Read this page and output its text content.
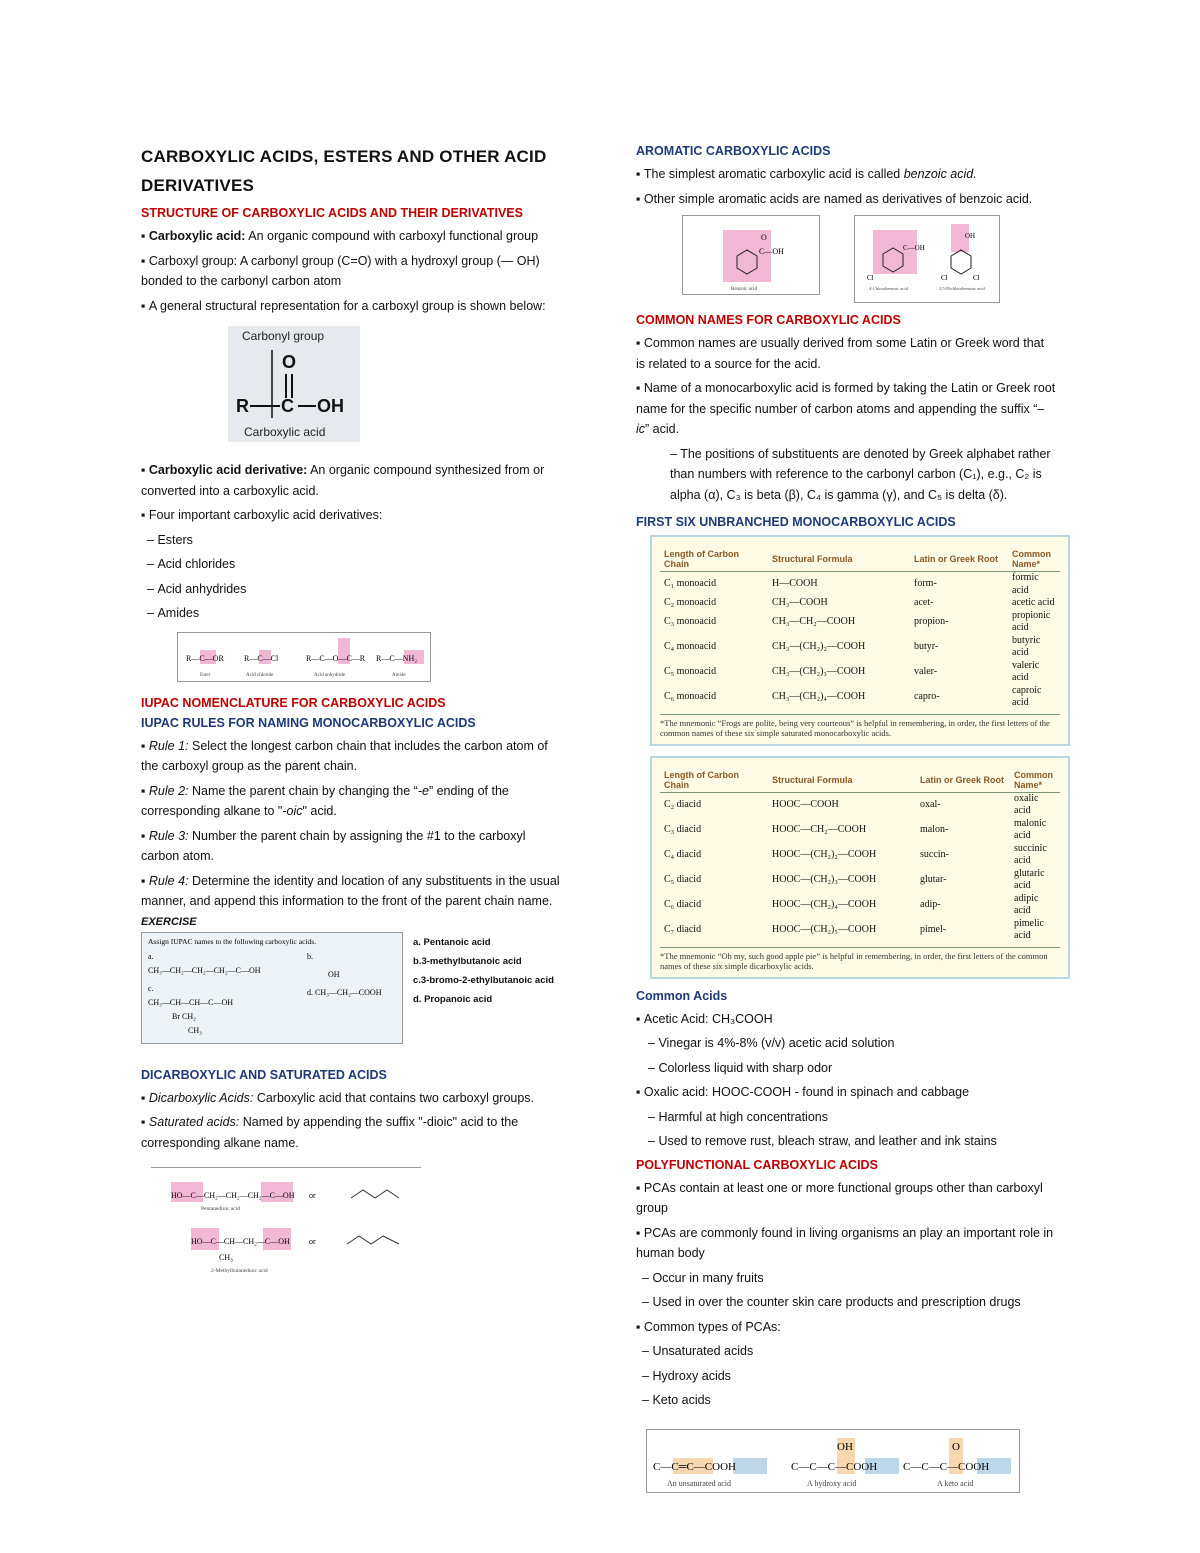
CARBOXYLIC ACIDS, ESTERS AND OTHER ACID DERIVATIVES
STRUCTURE OF CARBOXYLIC ACIDS AND THEIR DERIVATIVES

▪ Carboxylic acid: An organic compound with carboxyl functional group

▪ Carboxyl group: A carbonyl group (C=O) with a hydroxyl group (— OH) bonded to the carbonyl carbon atom

▪ A general structural representation for a carboxyl group is shown below:

Carbonyl group
O
R C OH
Carboxylic acid

▪ Carboxylic acid derivative: An organic compound synthesized from or converted into a carboxylic acid.

▪ Four important carboxylic acid derivatives:

– Esters

– Acid chlorides

– Acid anhydrides

– Amides

R—C—OR	R—C—Cl	R—C—O—C—R R—C—NH₂
Ester	Acid chloride	Acid anhydride	Amide
IUPAC NOMENCLATURE FOR CARBOXYLIC ACIDS
IUPAC RULES FOR NAMING MONOCARBOXYLIC ACIDS

▪ Rule 1: Select the longest carbon chain that includes the carbon atom of the carboxyl group as the parent chain.

▪ Rule 2: Name the parent chain by changing the “-e” ending of the corresponding alkane to "-oic" acid.

▪ Rule 3: Number the parent chain by assigning the #1 to the carboxyl carbon atom.

▪ Rule 4: Determine the identity and location of any substituents in the usual manner, and append this information to the front of the parent chain name.

EXERCISE
Assign IUPAC names to the following carboxylic acids.
a.
CH₃—CH₂—CH₂—CH₂—C—OH
b.
OH
c.
CH₃—CH—CH—C—OH
Br CH₂
CH₃
d. CH₃—CH₂—COOH
a. Pentanoic acid
b.3-methylbutanoic acid
c.3-bromo-2-ethylbutanoic acid
d. Propanoic acid
DICARBOXYLIC AND SATURATED ACIDS

▪ Dicarboxylic Acids: Carboxylic acid that contains two carboxyl groups.

▪ Saturated acids: Named by appending the suffix "-dioic" acid to the corresponding alkane name.

HO—C—CH₂—CH₂—CH₂—C—OH or
Pentanedioic acid
HO—C—CH—CH₂—C—OH or
CH₃
2-Methylbutanedioic acid
AROMATIC CARBOXYLIC ACIDS

▪ The simplest aromatic carboxylic acid is called benzoic acid.

▪ Other simple aromatic acids are named as derivatives of benzoic acid.

C—OH
O
Benzoic acid
C—OH
Cl
OH
Cl	Cl
4-Chlorobenzoic acid	3,5-Dichlorobenzoic acid
COMMON NAMES FOR CARBOXYLIC ACIDS

▪ Common names are usually derived from some Latin or Greek word that is related to a source for the acid.

▪ Name of a monocarboxylic acid is formed by taking the Latin or Greek root name for the specific number of carbon atoms and appending the suffix “–ic” acid.

– The positions of substituents are denoted by Greek alphabet rather than numbers with reference to the carbonyl carbon (C₁), e.g., C₂ is alpha (α), C₃ is beta (β), C₄ is gamma (γ), and C₅ is delta (δ).

FIRST SIX UNBRANCHED MONOCARBOXYLIC ACIDS
Length of Carbon Chain	Structural Formula	Latin or Greek Root	Common Name*
C₁ monoacid	H—COOH	form-	formic acid
C₂ monoacid	CH₃—COOH	acet-	acetic acid
C₃ monoacid	CH₃—CH₂—COOH	propion-	propionic acid
C₄ monoacid	CH₃—(CH₂)₂—COOH	butyr-	butyric acid
C₅ monoacid	CH₃—(CH₂)₃—COOH	valer-	valeric acid
C₆ monoacid	CH₃—(CH₂)₄—COOH	capro-	caproic acid
*The mnemonic “Frogs are polite, being very courteous” is helpful in remembering, in order, the first letters of the common names of these six simple saturated monocarboxylic acids.
Length of Carbon Chain	Structural Formula	Latin or Greek Root	Common Name*
C₂ diacid	HOOC—COOH	oxal-	oxalic acid
C₃ diacid	HOOC—CH₂—COOH	malon-	malonic acid
C₄ diacid	HOOC—(CH₂)₂—COOH	succin-	succinic acid
C₅ diacid	HOOC—(CH₂)₃—COOH	glutar-	glutaric acid
C₆ diacid	HOOC—(CH₂)₄—COOH	adip-	adipic acid
C₇ diacid	HOOC—(CH₂)₅—COOH	pimel-	pimelic acid
*The mnemonic “Oh my, such good apple pie” is helpful in remembering, in order, the first letters of the common names of these six simple dicarboxylic acids.
Common Acids

▪ Acetic Acid: CH₃COOH

– Vinegar is 4%-8% (v/v) acetic acid solution

– Colorless liquid with sharp odor

▪ Oxalic acid: HOOC-COOH - found in spinach and cabbage

– Harmful at high concentrations

– Used to remove rust, bleach straw, and leather and ink stains

POLYFUNCTIONAL CARBOXYLIC ACIDS

▪ PCAs contain at least one or more functional groups other than carboxyl group

▪ PCAs are commonly found in living organisms an play an important role in human body

– Occur in many fruits

– Used in over the counter skin care products and prescription drugs

▪ Common types of PCAs:

– Unsaturated acids

– Hydroxy acids

– Keto acids

C—C═C—COOH
OH
C—C—C—COOH
O
C—C—C—COOH
An unsaturated acid	A hydroxy acid	A keto acid
